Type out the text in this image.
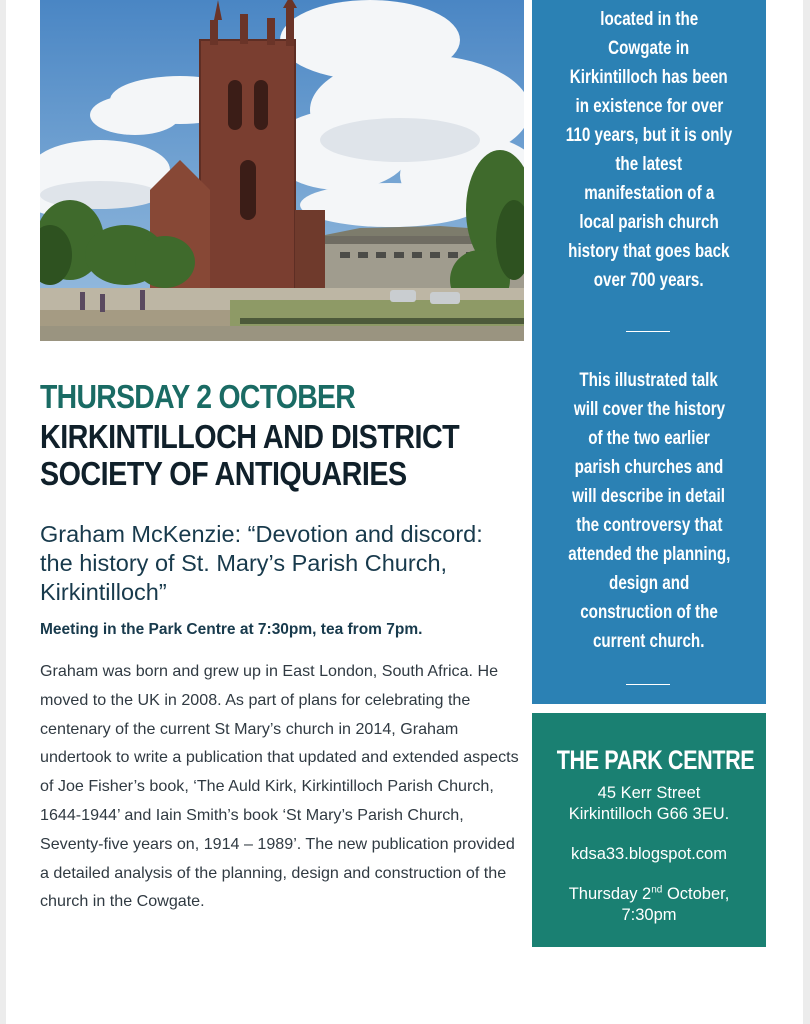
THURSDAY 2 OCTOBER
KIRKINTILLOCH AND DISTRICT
SOCIETY OF ANTIQUARIES
Graham McKenzie: “Devotion and discord: the history of St. Mary’s Parish Church, Kirkintilloch”
Meeting in the Park Centre at 7:30pm, tea from 7pm.
Graham was born and grew up in East London, South Africa. He moved to the UK in 2008. As part of plans for celebrating the centenary of the current St Mary’s church in 2014, Graham undertook to write a publication that updated and extended aspects of Joe Fisher’s book, ‘The Auld Kirk, Kirkintilloch Parish Church, 1644-1944’ and Iain Smith’s book ‘St Mary’s Parish Church, Seventy-five years on, 1914 – 1989’. The new publication provided a detailed analysis of the planning, design and construction of the church in the Cowgate.
located in the
Cowgate in
Kirkintilloch has been
in existence for over
110 years, but it is only
the latest
manifestation of a
local parish church
history that goes back
over 700 years.
This illustrated talk
will cover the history
of the two earlier
parish churches and
will describe in detail
the controversy that
attended the planning,
design and
construction of the
current church.
THE PARK CENTRE
45 Kerr Street
Kirkintilloch G66 3EU.
kdsa33.blogspot.com
Thursday 2nd October,
7:30pm
